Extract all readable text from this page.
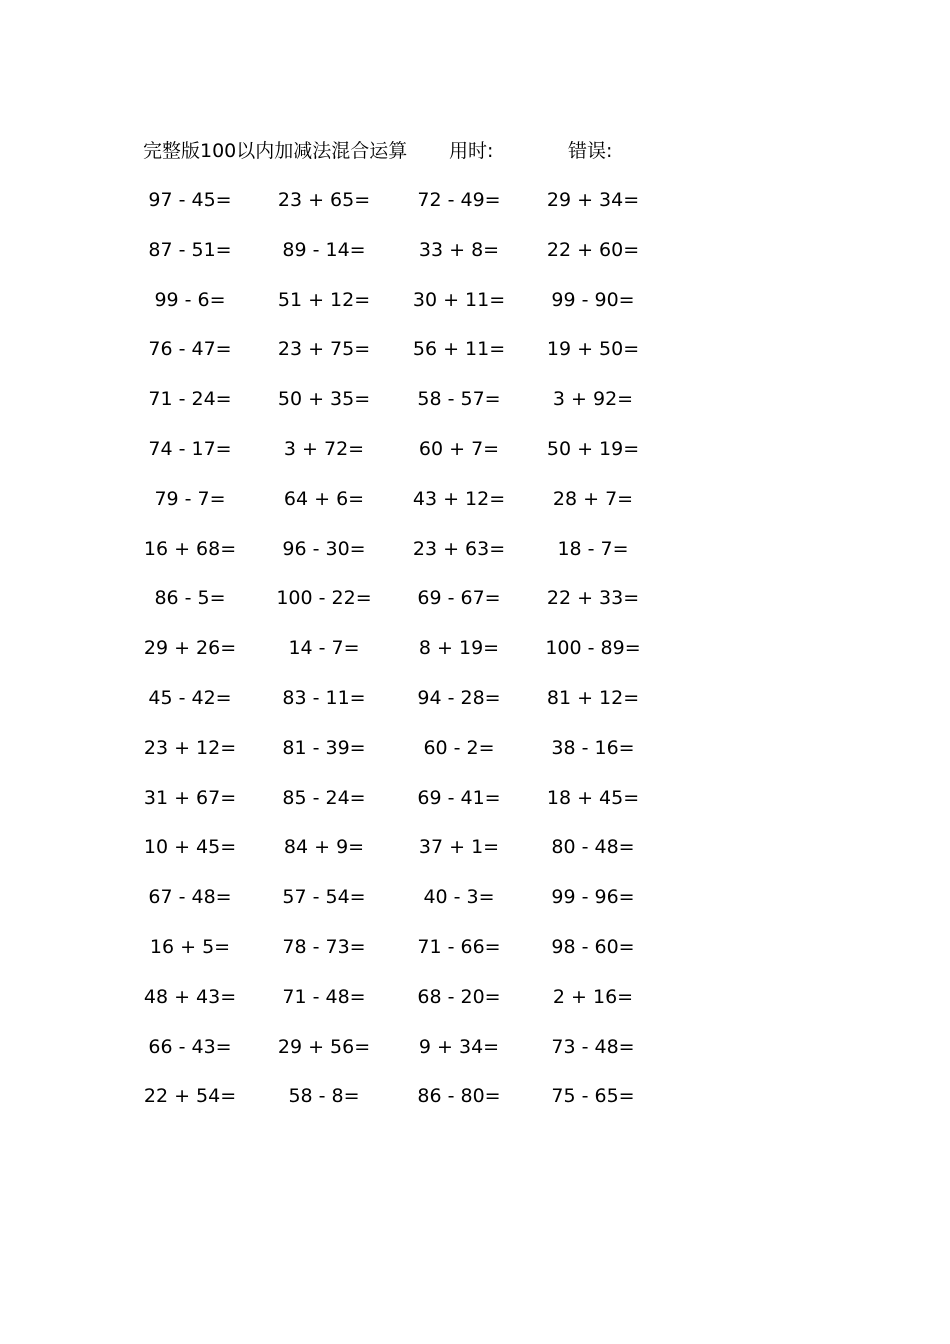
完整版100以内加减法混合运算 用时:	错误:
97 - 45=	23 + 65=	72 - 49=	29 + 34=
87 - 51=	89 - 14=	33 + 8=	22 + 60=
99 - 6=	51 + 12=	30 + 11=	99 - 90=
76 - 47=	23 + 75=	56 + 11=	19 + 50=
71 - 24=	50 + 35=	58 - 57=	3 + 92=
74 - 17=	3 + 72=	60 + 7=	50 + 19=
79 - 7=	64 + 6=	43 + 12=	28 + 7=
16 + 68=	96 - 30=	23 + 63=	18 - 7=
86 - 5=	100 - 22=	69 - 67=	22 + 33=
29 + 26=	14 - 7=	8 + 19=	100 - 89=
45 - 42=	83 - 11=	94 - 28=	81 + 12=
23 + 12=	81 - 39=	60 - 2=	38 - 16=
31 + 67=	85 - 24=	69 - 41=	18 + 45=
10 + 45=	84 + 9=	37 + 1=	80 - 48=
67 - 48=	57 - 54=	40 - 3=	99 - 96=
16 + 5=	78 - 73=	71 - 66=	98 - 60=
48 + 43=	71 - 48=	68 - 20=	2 + 16=
66 - 43=	29 + 56=	9 + 34=	73 - 48=
22 + 54=	58 - 8=	86 - 80=	75 - 65=
